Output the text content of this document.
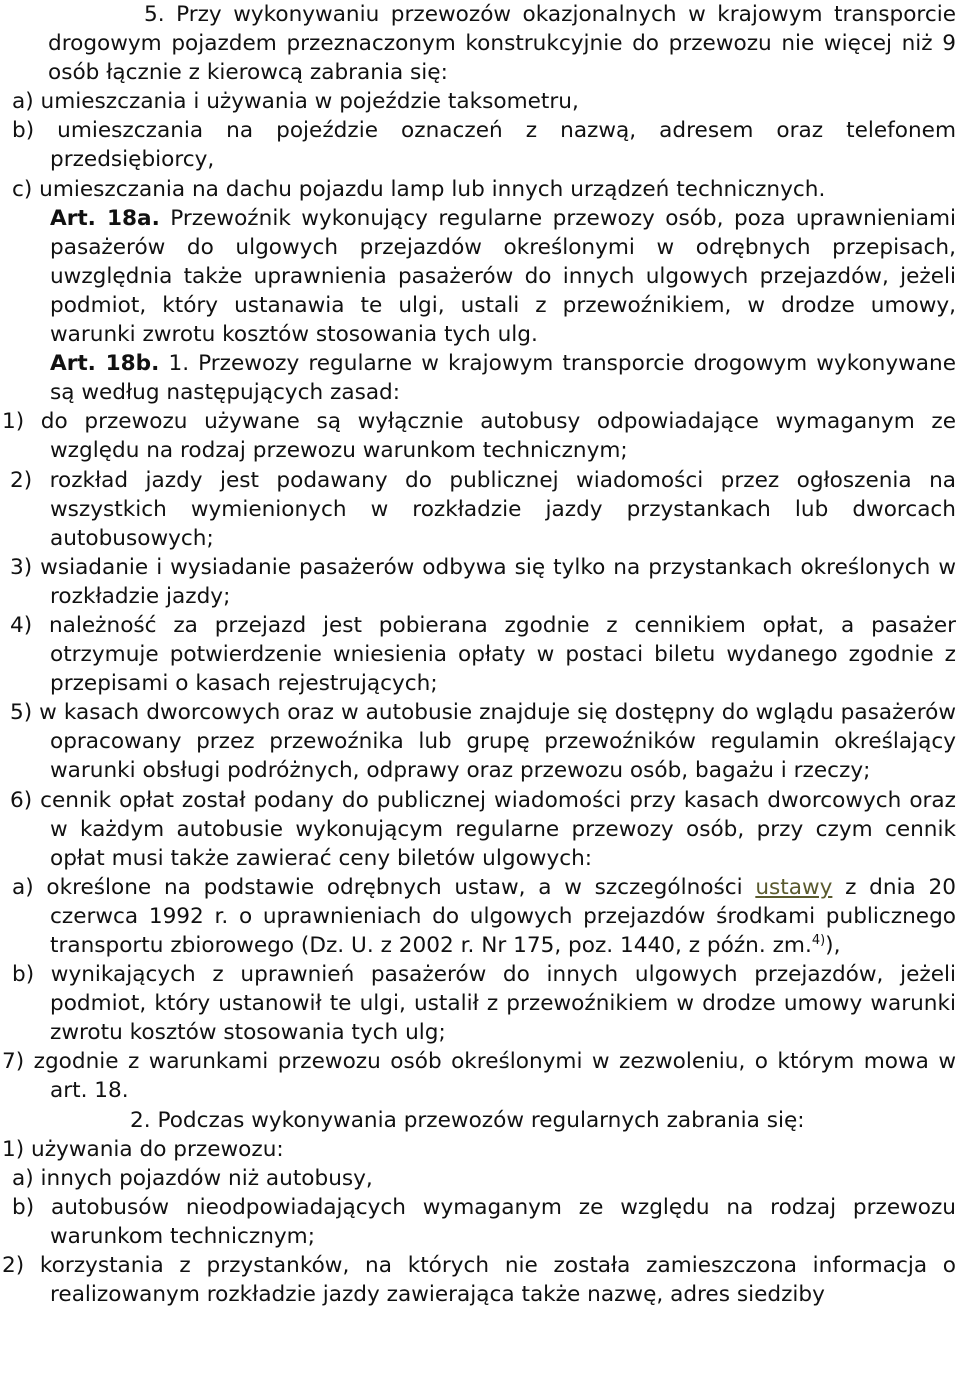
5. Przy wykonywaniu przewozów okazjonalnych w krajowym transporcie drogowym pojazdem przeznaczonym konstrukcyjnie do przewozu nie więcej niż 9 osób łącznie z kierowcą zabrania się:

a) umieszczania i używania w pojeździe taksometru,

b) umieszczania na pojeździe oznaczeń z nazwą, adresem oraz telefonem przedsiębiorcy,

c) umieszczania na dachu pojazdu lamp lub innych urządzeń technicznych.

Art. 18a. Przewoźnik wykonujący regularne przewozy osób, poza uprawnieniami pasażerów do ulgowych przejazdów określonymi w odrębnych przepisach, uwzględnia także uprawnienia pasażerów do innych ulgowych przejazdów, jeżeli podmiot, który ustanawia te ulgi, ustali z przewoźnikiem, w drodze umowy, warunki zwrotu kosztów stosowania tych ulg.

Art. 18b. 1. Przewozy regularne w krajowym transporcie drogowym wykonywane są według następujących zasad:

1) do przewozu używane są wyłącznie autobusy odpowiadające wymaganym ze względu na rodzaj przewozu warunkom technicznym;

2) rozkład jazdy jest podawany do publicznej wiadomości przez ogłoszenia na wszystkich wymienionych w rozkładzie jazdy przystankach lub dworcach autobusowych;

3) wsiadanie i wysiadanie pasażerów odbywa się tylko na przystankach określonych w rozkładzie jazdy;

4) należność za przejazd jest pobierana zgodnie z cennikiem opłat, a pasażer otrzymuje potwierdzenie wniesienia opłaty w postaci biletu wydanego zgodnie z przepisami o kasach rejestrujących;

5) w kasach dworcowych oraz w autobusie znajduje się dostępny do wglądu pasażerów opracowany przez przewoźnika lub grupę przewoźników regulamin określający warunki obsługi podróżnych, odprawy oraz przewozu osób, bagażu i rzeczy;

6) cennik opłat został podany do publicznej wiadomości przy kasach dworcowych oraz w każdym autobusie wykonującym regularne przewozy osób, przy czym cennik opłat musi także zawierać ceny biletów ulgowych:

a) określone na podstawie odrębnych ustaw, a w szczególności ustawy z dnia 20 czerwca 1992 r. o uprawnieniach do ulgowych przejazdów środkami publicznego transportu zbiorowego (Dz. U. z 2002 r. Nr 175, poz. 1440, z późn. zm.$^{4)}$),

b) wynikających z uprawnień pasażerów do innych ulgowych przejazdów, jeżeli podmiot, który ustanowił te ulgi, ustalił z przewoźnikiem w drodze umowy warunki zwrotu kosztów stosowania tych ulg;

7) zgodnie z warunkami przewozu osób określonymi w zezwoleniu, o którym mowa w art. 18.

2. Podczas wykonywania przewozów regularnych zabrania się:

1) używania do przewozu:

a) innych pojazdów niż autobusy,

b) autobusów nieodpowiadających wymaganym ze względu na rodzaj przewozu warunkom technicznym;

2) korzystania z przystanków, na których nie została zamieszczona informacja o realizowanym rozkładzie jazdy zawierająca także nazwę, adres siedziby
